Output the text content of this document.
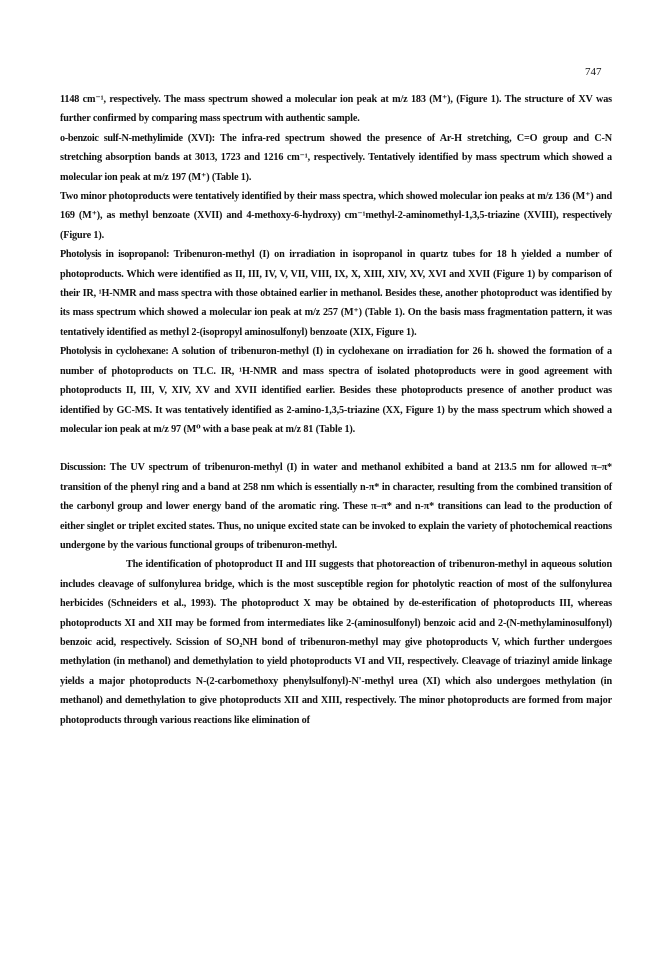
747

1148 cm⁻¹, respectively. The mass spectrum showed a molecular ion peak at m/z 183 (M⁺), (Figure 1). The structure of XV was further confirmed by comparing mass spectrum with authentic sample.

o-benzoic sulf-N-methylimide (XVI): The infra-red spectrum showed the presence of Ar-H stretching, C=O group and C-N stretching absorption bands at 3013, 1723 and 1216 cm⁻¹, respectively. Tentatively identified by mass spectrum which showed a molecular ion peak at m/z 197 (M⁺) (Table 1).

Two minor photoproducts were tentatively identified by their mass spectra, which showed molecular ion peaks at m/z 136 (M⁺) and 169 (M⁺), as methyl benzoate (XVII) and 4-methoxy-6-hydroxy) cm⁻¹methyl-2-aminomethyl-1,3,5-triazine (XVIII), respectively (Figure 1).

Photolysis in isopropanol: Tribenuron-methyl (I) on irradiation in isopropanol in quartz tubes for 18 h yielded a number of photoproducts. Which were identified as II, III, IV, V, VII, VIII, IX, X, XIII, XIV, XV, XVI and XVII (Figure 1) by comparison of their IR, ¹H-NMR and mass spectra with those obtained earlier in methanol. Besides these, another photoproduct was identified by its mass spectrum which showed a molecular ion peak at m/z 257 (M⁺) (Table 1). On the basis mass fragmentation pattern, it was tentatively identified as methyl 2-(isopropyl aminosulfonyl) benzoate (XIX, Figure 1).

Photolysis in cyclohexane: A solution of tribenuron-methyl (I) in cyclohexane on irradiation for 26 h. showed the formation of a number of photoproducts on TLC. IR, ¹H-NMR and mass spectra of isolated photoproducts were in good agreement with photoproducts II, III, V, XIV, XV and XVII identified earlier. Besides these photoproducts presence of another product was identified by GC-MS. It was tentatively identified as 2-amino-1,3,5-triazine (XX, Figure 1) by the mass spectrum which showed a molecular ion peak at m/z 97 (M⁰ with a base peak at m/z 81 (Table 1).

Discussion: The UV spectrum of tribenuron-methyl (I) in water and methanol exhibited a band at 213.5 nm for allowed π–π* transition of the phenyl ring and a band at 258 nm which is essentially n-π* in character, resulting from the combined transition of the carbonyl group and lower energy band of the aromatic ring. These π–π* and n-π* transitions can lead to the production of either singlet or triplet excited states. Thus, no unique excited state can be invoked to explain the variety of photochemical reactions undergone by the various functional groups of tribenuron-methyl.

The identification of photoproduct II and III suggests that photoreaction of tribenuron-methyl in aqueous solution includes cleavage of sulfonylurea bridge, which is the most susceptible region for photolytic reaction of most of the sulfonylurea herbicides (Schneiders et al., 1993). The photoproduct X may be obtained by de-esterification of photoproducts III, whereas photoproducts XI and XII may be formed from intermediates like 2-(aminosulfonyl) benzoic acid and 2-(N-methylaminosulfonyl) benzoic acid, respectively. Scission of SO₂NH bond of tribenuron-methyl may give photoproducts V, which further undergoes methylation (in methanol) and demethylation to yield photoproducts VI and VII, respectively. Cleavage of triazinyl amide linkage yields a major photoproducts N-(2-carbomethoxy phenylsulfonyl)-N'-methyl urea (XI) which also undergoes methylation (in methanol) and demethylation to give photoproducts XII and XIII, respectively. The minor photoproducts are formed from major photoproducts through various reactions like elimination of
